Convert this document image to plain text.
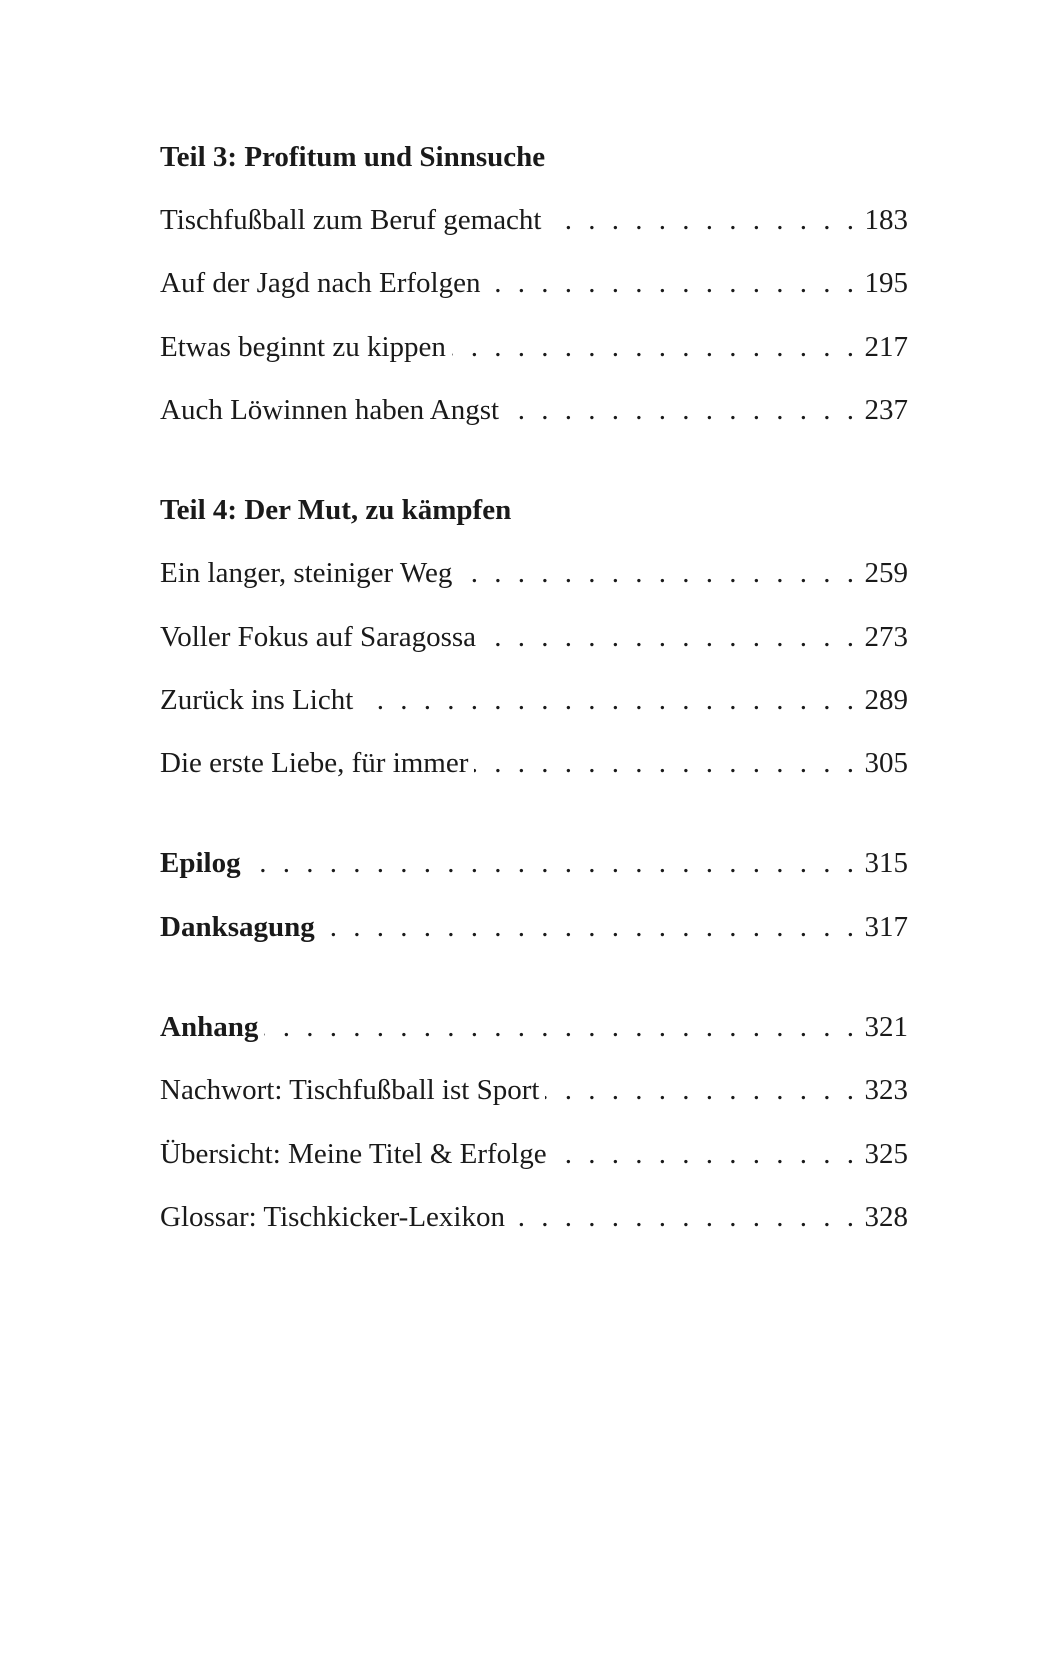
Teil 3: Profitum und Sinnsuche
Tischfußball zum Beruf gemacht . . .	183
Auf der Jagd nach Erfolgen . . .	195
Etwas beginnt zu kippen . . .	217
Auch Löwinnen haben Angst . . .	237
Teil 4: Der Mut, zu kämpfen
Ein langer, steiniger Weg . . .	259
Voller Fokus auf Saragossa . . .	273
Zurück ins Licht . . .	289
Die erste Liebe, für immer . . .	305
Epilog . . .	315
Danksagung . . .	317
Anhang . . .	321
Nachwort: Tischfußball ist Sport . . .	323
Übersicht: Meine Titel & Erfolge . . .	325
Glossar: Tischkicker-Lexikon . . .	328
